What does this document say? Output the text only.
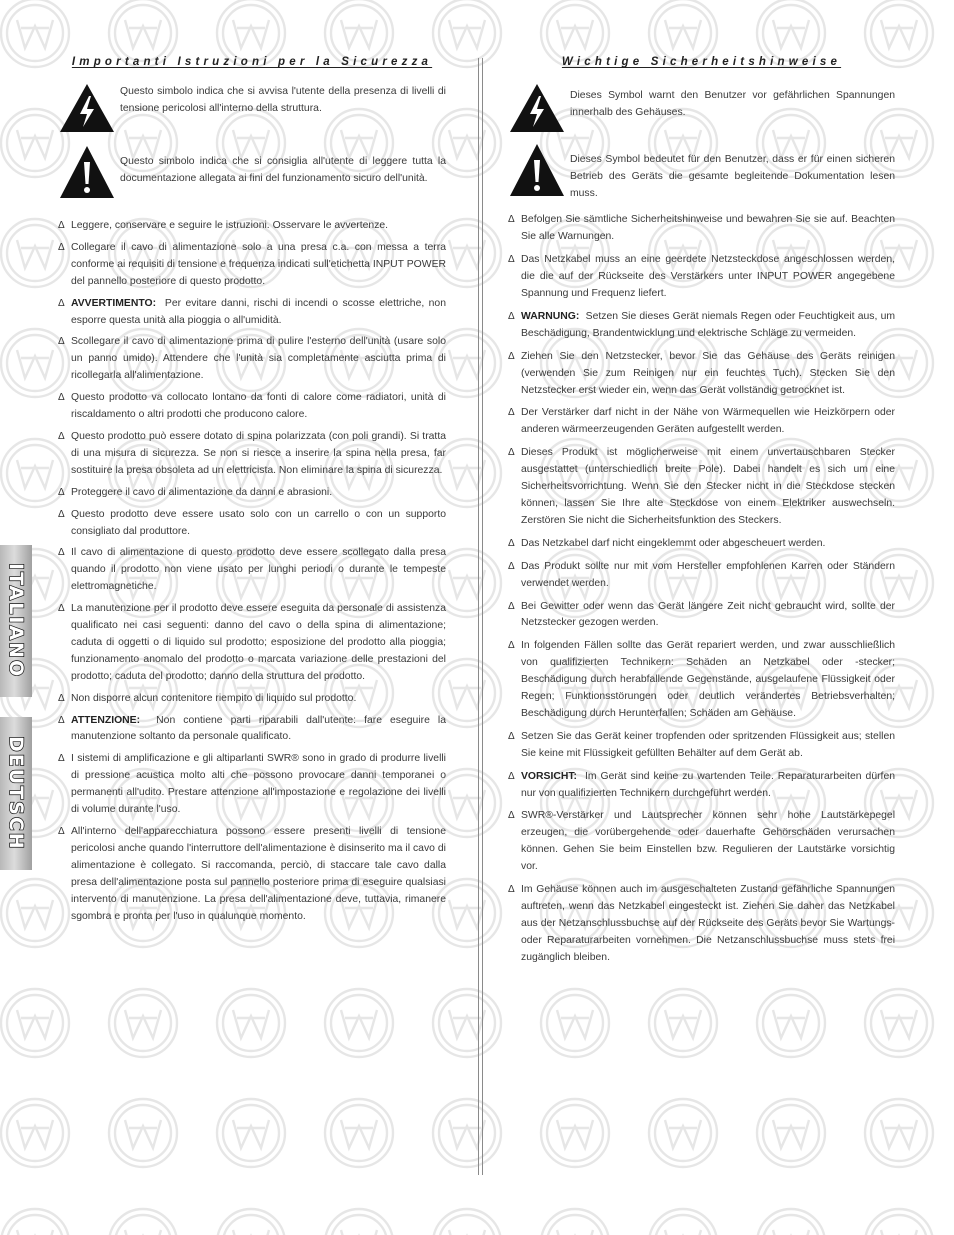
ITALIANO
DEUTSCH
Importanti Istruzioni per la Sicurezza
Questo simbolo indica che si avvisa l'utente della presenza di livelli di tensione pericolosi all'interno della struttura.
Questo simbolo indica che si consiglia all'utente di leggere tutta la documentazione allegata ai fini del funzionamento sicuro dell'unità.
Δ Leggere, conservare e seguire le istruzioni. Osservare le avvertenze.
Δ Collegare il cavo di alimentazione solo a una presa c.a. con messa a terra conforme ai requisiti di tensione e frequenza indicati sull'etichetta INPUT POWER del pannello posteriore di questo prodotto.
Δ AVVERTIMENTO: Per evitare danni, rischi di incendi o scosse elettriche, non esporre questa unità alla pioggia o all'umidità.
Δ Scollegare il cavo di alimentazione prima di pulire l'esterno dell'unità (usare solo un panno umido). Attendere che l'unità sia completamente asciutta prima di ricollegarla all'alimentazione.
Δ Questo prodotto va collocato lontano da fonti di calore come radiatori, unità di riscaldamento o altri prodotti che producono calore.
Δ Questo prodotto può essere dotato di spina polarizzata (con poli grandi). Si tratta di una misura di sicurezza. Se non si riesce a inserire la spina nella presa, far sostituire la presa obsoleta ad un elettricista. Non eliminare la spina di sicurezza.
Δ Proteggere il cavo di alimentazione da danni e abrasioni.
Δ Questo prodotto deve essere usato solo con un carrello o con un supporto consigliato dal produttore.
Δ Il cavo di alimentazione di questo prodotto deve essere scollegato dalla presa quando il prodotto non viene usato per lunghi periodi o durante le tempeste elettromagnetiche.
Δ La manutenzione per il prodotto deve essere eseguita da personale di assistenza qualificato nei casi seguenti: danno del cavo o della spina di alimentazione; caduta di oggetti o di liquido sul prodotto; esposizione del prodotto alla pioggia; funzionamento anomalo del prodotto o marcata variazione delle prestazioni del prodotto; caduta del prodotto; danno della struttura del prodotto.
Δ Non disporre alcun contenitore riempito di liquido sul prodotto.
Δ ATTENZIONE: Non contiene parti riparabili dall'utente: fare eseguire la manutenzione soltanto da personale qualificato.
Δ I sistemi di amplificazione e gli altiparlanti SWR® sono in grado di produrre livelli di pressione acustica molto alti che possono provocare danni temporanei o permanenti all'udito. Prestare attenzione all'impostazione e regolazione dei livelli di volume durante l'uso.
Δ All'interno dell'apparecchiatura possono essere presenti livelli di tensione pericolosi anche quando l'interruttore dell'alimentazione è disinserito ma il cavo di alimentazione è collegato. Si raccomanda, perciò, di staccare tale cavo dalla presa dell'alimentazione posta sul pannello posteriore prima di eseguire qualsiasi intervento di manutenzione. La presa dell'alimentazione deve, tuttavia, rimanere sgombra e pronta per l'uso in qualunque momento.
Wichtige Sicherheitshinweise
Dieses Symbol warnt den Benutzer vor gefährlichen Spannungen innerhalb des Gehäuses.
Dieses Symbol bedeutet für den Benutzer, dass er für einen sicheren Betrieb des Geräts die gesamte begleitende Dokumentation lesen muss.
Δ Befolgen Sie sämtliche Sicherheitshinweise und bewahren Sie sie auf. Beachten Sie alle Warnungen.
Δ Das Netzkabel muss an eine geerdete Netzsteckdose angeschlossen werden, die die auf der Rückseite des Verstärkers unter INPUT POWER angegebene Spannung und Frequenz liefert.
Δ WARNUNG: Setzen Sie dieses Gerät niemals Regen oder Feuchtigkeit aus, um Beschädigung, Brandentwicklung und elektrische Schläge zu vermeiden.
Δ Ziehen Sie den Netzstecker, bevor Sie das Gehäuse des Geräts reinigen (verwenden Sie zum Reinigen nur ein feuchtes Tuch). Stecken Sie den Netzstecker erst wieder ein, wenn das Gerät vollständig getrocknet ist.
Δ Der Verstärker darf nicht in der Nähe von Wärmequellen wie Heizkörpern oder anderen wärmeerzeugenden Geräten aufgestellt werden.
Δ Dieses Produkt ist möglicherweise mit einem unvertauschbaren Stecker ausgestattet (unterschiedlich breite Pole). Dabei handelt es sich um eine Sicherheitsvorrichtung. Wenn Sie den Stecker nicht in die Steckdose stecken können, lassen Sie Ihre alte Steckdose von einem Elektriker auswechseln. Zerstören Sie nicht die Sicherheitsfunktion des Steckers.
Δ Das Netzkabel darf nicht eingeklemmt oder abgescheuert werden.
Δ Das Produkt sollte nur mit vom Hersteller empfohlenen Karren oder Ständern verwendet werden.
Δ Bei Gewitter oder wenn das Gerät längere Zeit nicht gebraucht wird, sollte der Netzstecker gezogen werden.
Δ In folgenden Fällen sollte das Gerät repariert werden, und zwar ausschließlich von qualifizierten Technikern: Schäden an Netzkabel oder -stecker; Beschädigung durch herabfallende Gegenstände, ausgelaufene Flüssigkeit oder Regen; Funktionsstörungen oder deutlich verändertes Betriebsverhalten; Beschädigung durch Herunterfallen; Schäden am Gehäuse.
Δ Setzen Sie das Gerät keiner tropfenden oder spritzenden Flüssigkeit aus; stellen Sie keine mit Flüssigkeit gefüllten Behälter auf dem Gerät ab.
Δ VORSICHT: Im Gerät sind keine zu wartenden Teile. Reparaturarbeiten dürfen nur von qualifizierten Technikern durchgeführt werden.
Δ SWR®-Verstärker und Lautsprecher können sehr hohe Lautstärkepegel erzeugen, die vorübergehende oder dauerhafte Gehörschäden verursachen können. Gehen Sie beim Einstellen bzw. Regulieren der Lautstärke vorsichtig vor.
Δ Im Gehäuse können auch im ausgeschalteten Zustand gefährliche Spannungen auftreten, wenn das Netzkabel eingesteckt ist. Ziehen Sie daher das Netzkabel aus der Netzanschlussbuchse auf der Rückseite des Geräts bevor Sie Wartungs- oder Reparaturarbeiten vornehmen. Die Netzanschlussbuchse muss stets frei zugänglich bleiben.
